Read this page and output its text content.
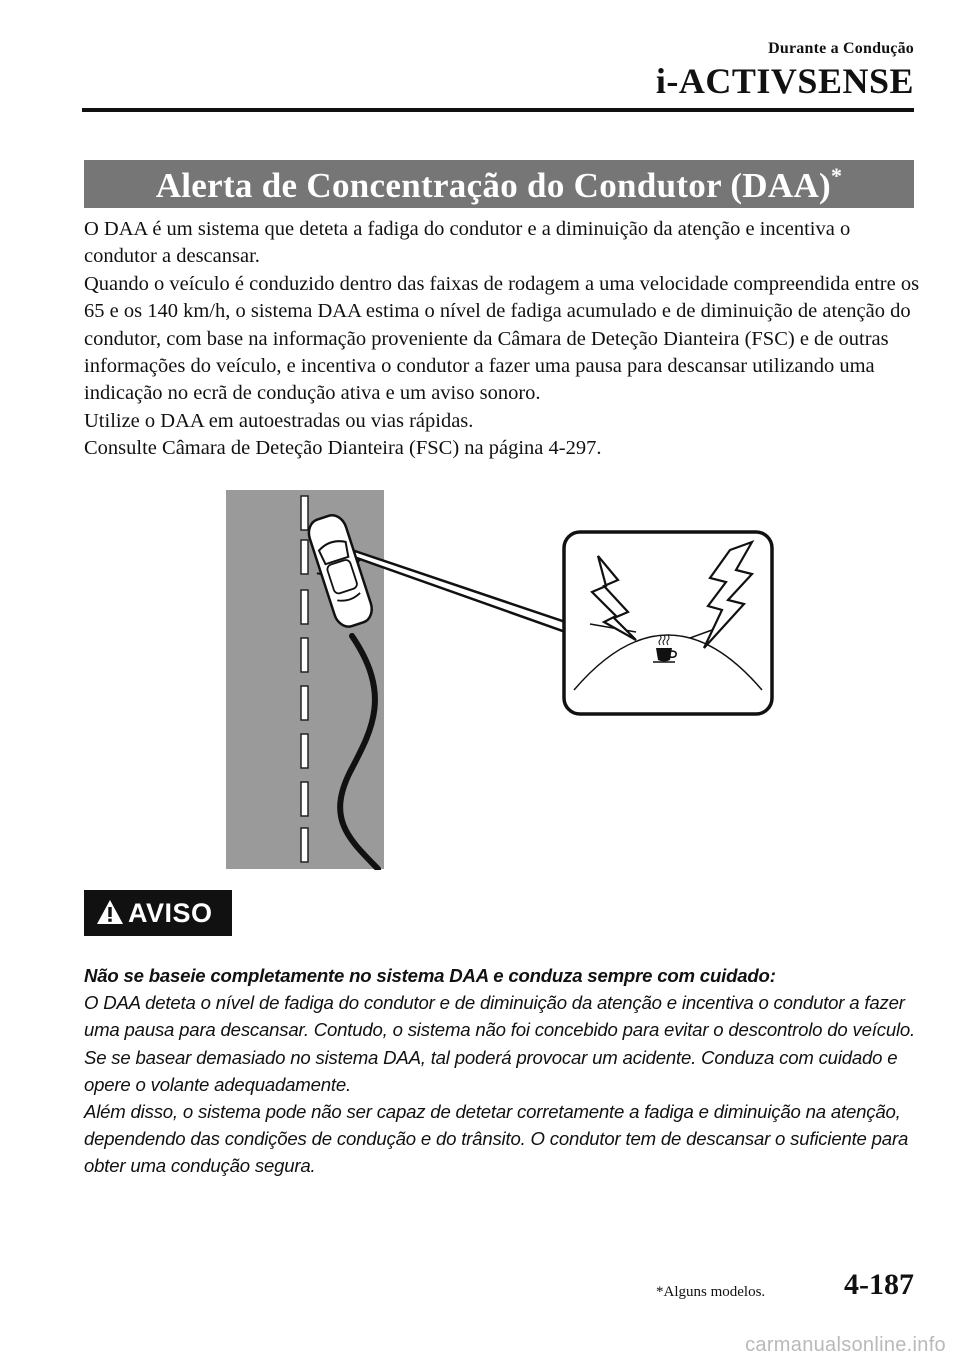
Durante a Condução
i-ACTIVSENSE
Alerta de Concentração do Condutor (DAA)*

O DAA é um sistema que deteta a fadiga do condutor e a diminuição da atenção e incentiva o condutor a descansar.

Quando o veículo é conduzido dentro das faixas de rodagem a uma velocidade compreendida entre os 65 e os 140 km/h, o sistema DAA estima o nível de fadiga acumulado e de diminuição de atenção do condutor, com base na informação proveniente da Câmara de Deteção Dianteira (FSC) e de outras informações do veículo, e incentiva o condutor a fazer uma pausa para descansar utilizando uma indicação no ecrã de condução ativa e um aviso sonoro.

Utilize o DAA em autoestradas ou vias rápidas.

Consulte Câmara de Deteção Dianteira (FSC) na página 4-297.

AVISO

Não se baseie completamente no sistema DAA e conduza sempre com cuidado:

O DAA deteta o nível de fadiga do condutor e de diminuição da atenção e incentiva o condutor a fazer uma pausa para descansar. Contudo, o sistema não foi concebido para evitar o descontrolo do veículo. Se se basear demasiado no sistema DAA, tal poderá provocar um acidente. Conduza com cuidado e opere o volante adequadamente.

Além disso, o sistema pode não ser capaz de detetar corretamente a fadiga e diminuição na atenção, dependendo das condições de condução e do trânsito. O condutor tem de descansar o suficiente para obter uma condução segura.

*Alguns modelos.	4-187
carmanualsonline.info
